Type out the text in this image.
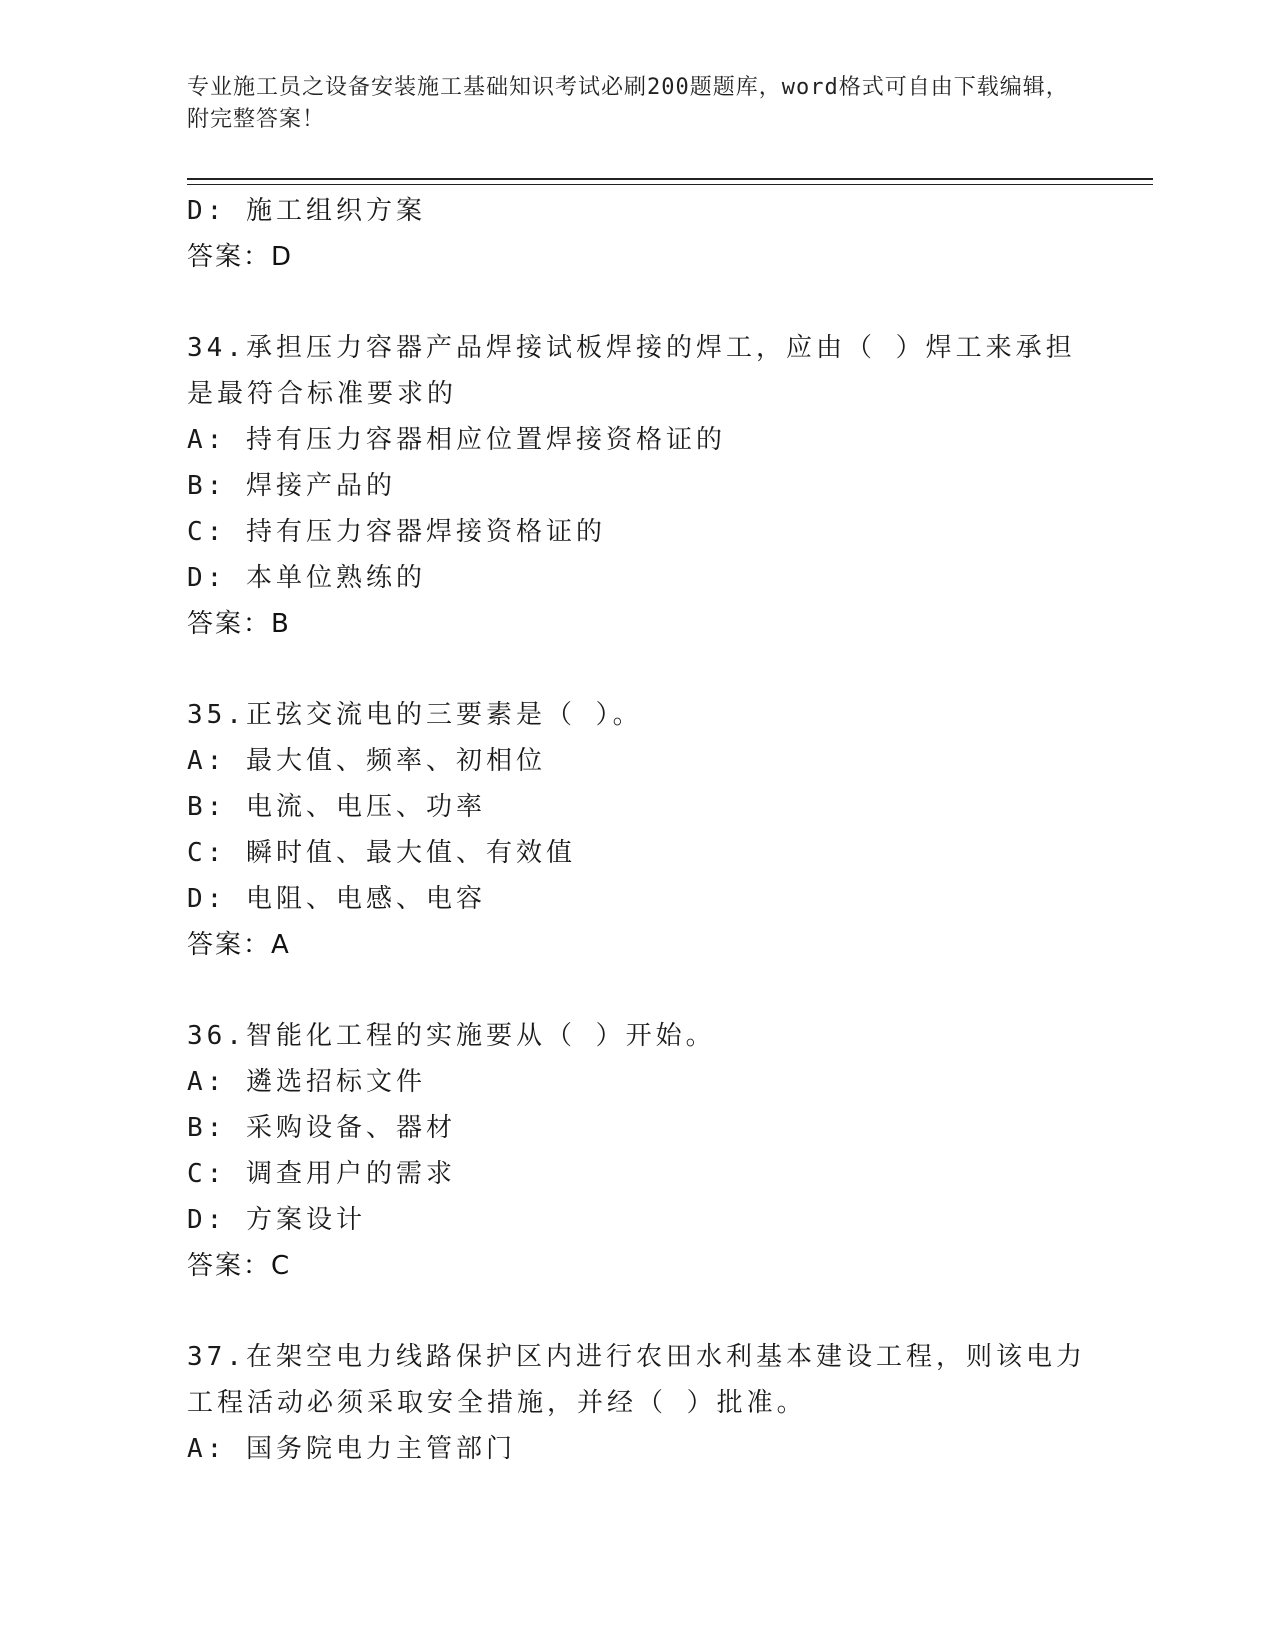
专业施工员之设备安装施工基础知识考试必刷200题题库，word格式可自由下载编辑，附完整答案！
D: 施工组织方案
答案：D
34.承担压力容器产品焊接试板焊接的焊工，应由（ ）焊工来承担是最符合标准要求的
A: 持有压力容器相应位置焊接资格证的
B: 焊接产品的
C: 持有压力容器焊接资格证的
D: 本单位熟练的
答案：B
35.正弦交流电的三要素是（ ）。
A: 最大值、频率、初相位
B: 电流、电压、功率
C: 瞬时值、最大值、有效值
D: 电阻、电感、电容
答案：A
36.智能化工程的实施要从（ ）开始。
A: 遴选招标文件
B: 采购设备、器材
C: 调查用户的需求
D: 方案设计
答案：C
37.在架空电力线路保护区内进行农田水利基本建设工程，则该电力工程活动必须采取安全措施，并经（ ）批准。
A: 国务院电力主管部门
